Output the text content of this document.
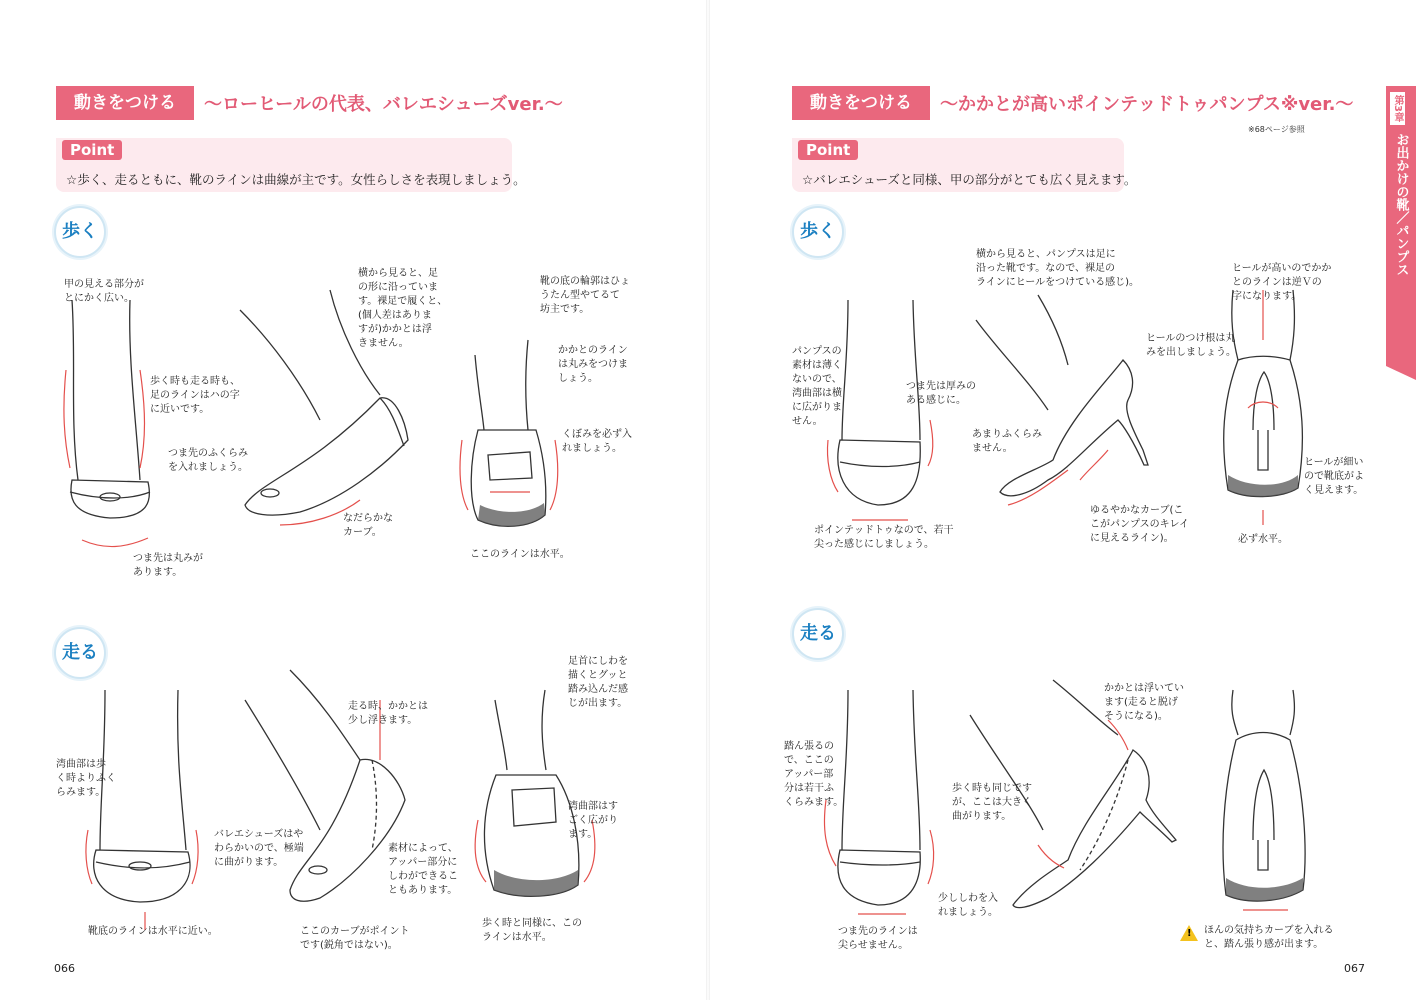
動きをつける	〜ローヒールの代表、バレエシューズver.〜
Point
☆歩く、走るともに、靴のラインは曲線が主です。女性らしさを表現しましょう。
歩く
走る
甲の見える部分が
とにかく広い。
歩く時も走る時も、
足のラインはハの字
に近いです。
つま先のふくらみ
を入れましょう。
つま先は丸みが
あります。
横から見ると、足
の形に沿っていま
す。裸足で履くと、
(個人差はありま
すが)かかとは浮
きません。
なだらかな
カーブ。
靴の底の輪郭はひょ
うたん型やてるて
坊主です。
かかとのライン
は丸みをつけま
しょう。
くぼみを必ず入
れましょう。
ここのラインは水平。
湾曲部は歩
く時よりふく
らみます。
靴底のラインは水平に近い。
走る時、かかとは
少し浮きます。
バレエシューズはや
わらかいので、極端
に曲がります。
素材によって、
アッパー部分に
しわができるこ
ともあります。
ここのカーブがポイント
です(鋭角ではない)。
足首にしわを
描くとグッと
踏み込んだ感
じが出ます。
湾曲部はす
ごく広がり
ます。
歩く時と同様に、この
ラインは水平。
066
動きをつける	〜かかとが高いポインテッドトゥパンプス※ver.〜
※68ページ参照
Point
☆バレエシューズと同様、甲の部分がとても広く見えます。
歩く
走る
パンプスの
素材は薄く
ないので、
湾曲部は横
に広がりま
せん。
つま先は厚みの
ある感じに。
ポインテッドトゥなので、若干
尖った感じにしましょう。
横から見ると、パンプスは足に
沿った靴です。なので、裸足の
ラインにヒールをつけている感じ)。
あまりふくらみ
ません。
ゆるやかなカーブ(こ
こがパンプスのキレイ
に見えるライン)。
ヒールが高いのでかか
とのラインは逆Ｖの
字になります。
ヒールのつけ根は丸
みを出しましょう。
ヒールが細い
ので靴底がよ
く見えます。
必ず水平。
踏ん張るの
で、ここの
アッパー部
分は若干ふ
くらみます。
つま先のラインは
尖らせません。
歩く時も同じです
が、ここは大きく
曲がります。
少ししわを入
れましょう。
かかとは浮いてい
ます(走ると脱げ
そうになる)。
! ほんの気持ちカーブを入れる
と、踏ん張り感が出ます。
067
第3章
お出かけの靴／パンプス
